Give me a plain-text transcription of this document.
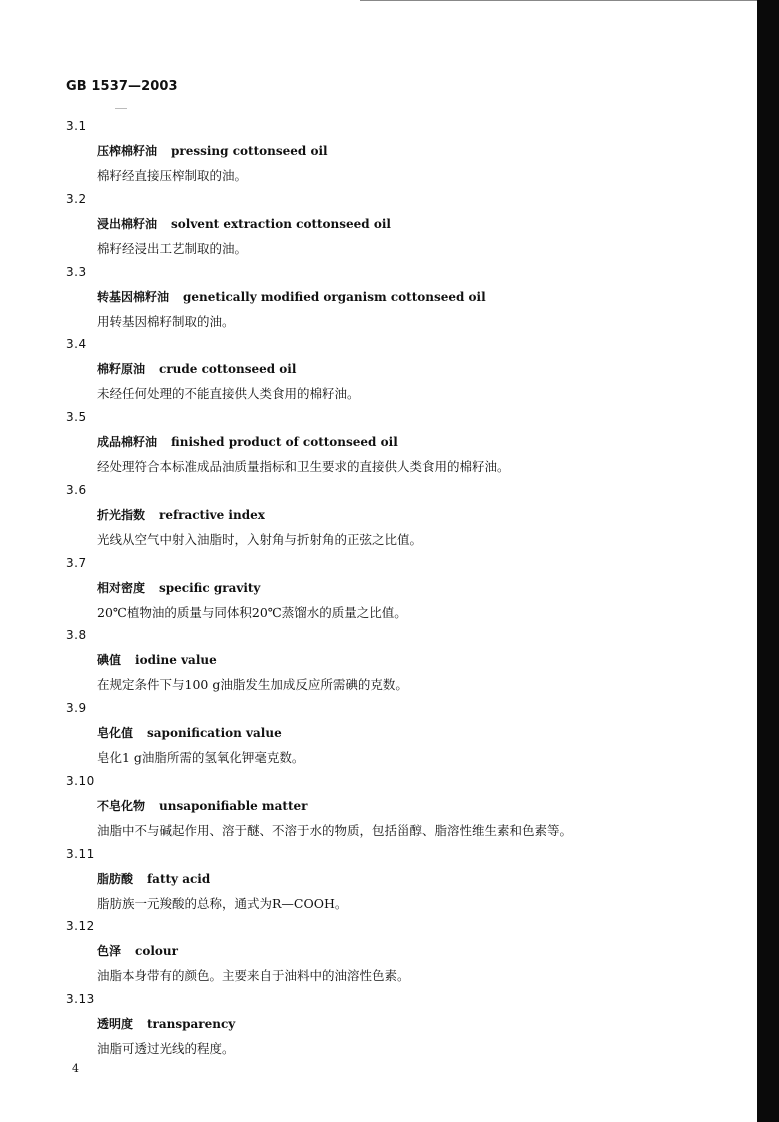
GB 1537—2003
3.1
压榨棉籽油 pressing cottonseed oil
棉籽经直接压榨制取的油。
3.2
浸出棉籽油 solvent extraction cottonseed oil
棉籽经浸出工艺制取的油。
3.3
转基因棉籽油 genetically modified organism cottonseed oil
用转基因棉籽制取的油。
3.4
棉籽原油 crude cottonseed oil
未经任何处理的不能直接供人类食用的棉籽油。
3.5
成品棉籽油 finished product of cottonseed oil
经处理符合本标准成品油质量指标和卫生要求的直接供人类食用的棉籽油。
3.6
折光指数 refractive index
光线从空气中射入油脂时，入射角与折射角的正弦之比值。
3.7
相对密度 specific gravity
20℃植物油的质量与同体积20℃蒸馏水的质量之比值。
3.8
碘值 iodine value
在规定条件下与100 g油脂发生加成反应所需碘的克数。
3.9
皂化值 saponification value
皂化1 g油脂所需的氢氧化钾毫克数。
3.10
不皂化物 unsaponifiable matter
油脂中不与碱起作用、溶于醚、不溶于水的物质，包括甾醇、脂溶性维生素和色素等。
3.11
脂肪酸 fatty acid
脂肪族一元羧酸的总称，通式为R—COOH。
3.12
色泽 colour
油脂本身带有的颜色。主要来自于油料中的油溶性色素。
3.13
透明度 transparency
油脂可透过光线的程度。
4
